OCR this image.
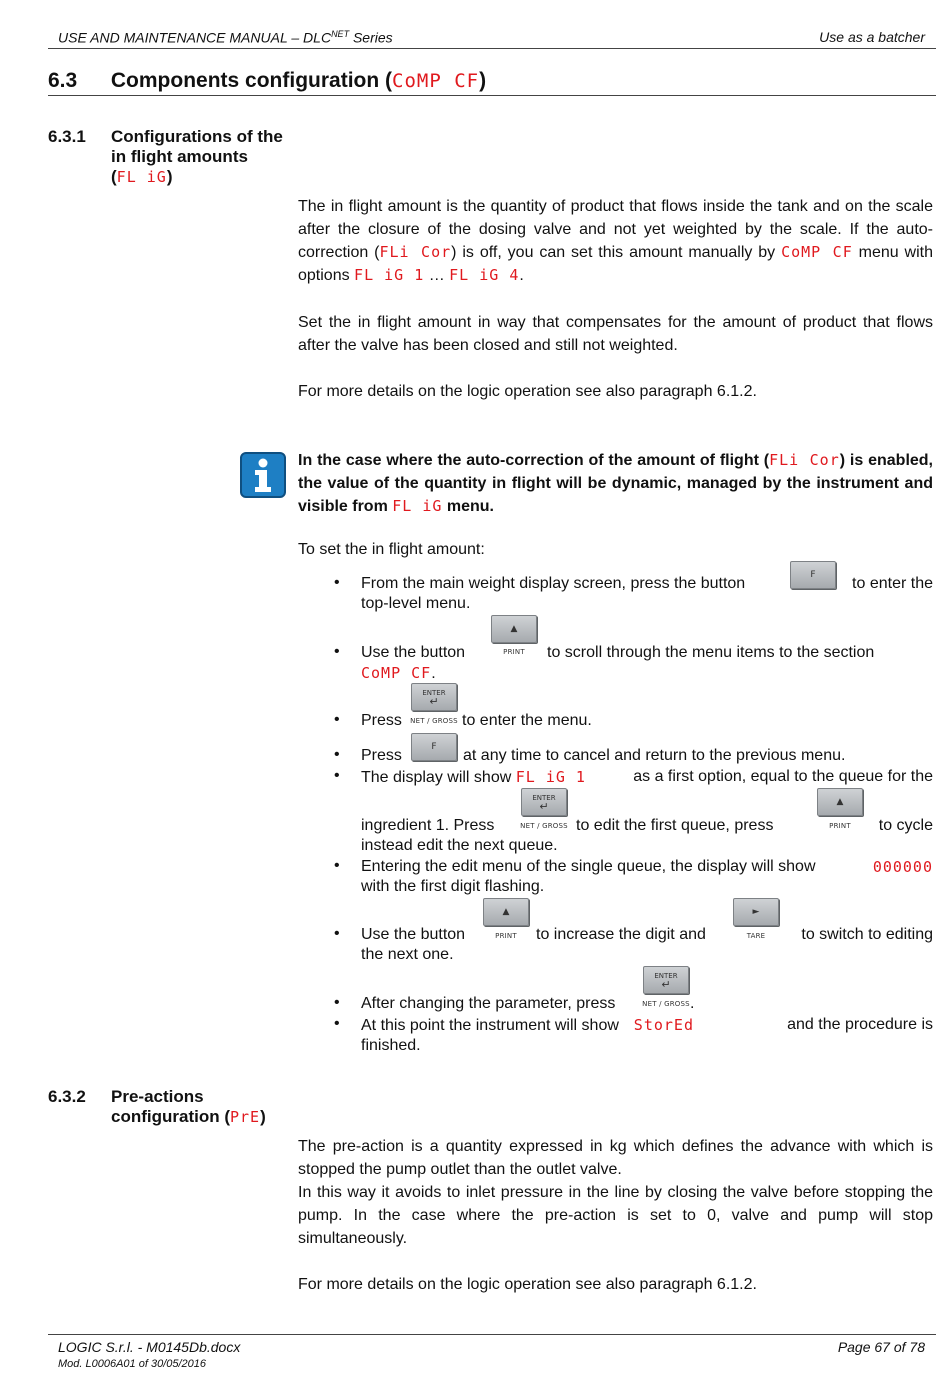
USE AND MAINTENANCE MANUAL – $DLC^{NET}$ Series	Use as a batcher
6.3 Components configuration (CoMP CF)
6.3.1 Configurations of the
in flight amounts
(FL iG)
The in flight amount is the quantity of product that flows inside the tank and on the scale after the closure of the dosing valve and not yet weighted by the scale. If the auto-correction (FLi Cor) is off, you can set this amount manually by CoMP CF menu with options FL iG 1 … FL iG 4.
Set the in flight amount in way that compensates for the amount of product that flows after the valve has been closed and still not weighted.
For more details on the logic operation see also paragraph 6.1.2.
In the case where the auto-correction of the amount of flight (FLi Cor) is enabled, the value of the quantity in flight will be dynamic, managed by the instrument and visible from FL iG menu.
To set the in flight amount:
• From the main weight display screen, press the button	to enter the
top-level menu.
F
• Use the button	to scroll through the menu items to the section
CoMP CF.
▲
PRINT
• Press	to enter the menu.
ENTER
↵
NET / GROSS
• Press	at any time to cancel and return to the previous menu.
F
• The display will show FL iG 1	as a first option, equal to the queue for the
ingredient 1. Press	to edit the first queue, press	to cycle
instead edit the next queue.
ENTER
↵
NET / GROSS
▲
PRINT
• Entering the edit menu of the single queue, the display will show	000000
with the first digit flashing.
• Use the button	to increase the digit and	to switch to editing
the next one.
▲
PRINT
►
TARE
• After changing the parameter, press	.
ENTER
↵
NET / GROSS
• At this point the instrument will show StorEd	and the procedure is
finished.
6.3.2 Pre-actions
configuration (PrE)
The pre-action is a quantity expressed in kg which defines the advance with which is stopped the pump outlet than the outlet valve.
In this way it avoids to inlet pressure in the line by closing the valve before stopping the pump. In the case where the pre-action is set to 0, valve and pump will stop simultaneously.
For more details on the logic operation see also paragraph 6.1.2.
LOGIC S.r.l. - M0145Db.docx	Page 67 of 78
Mod. L0006A01 of 30/05/2016
